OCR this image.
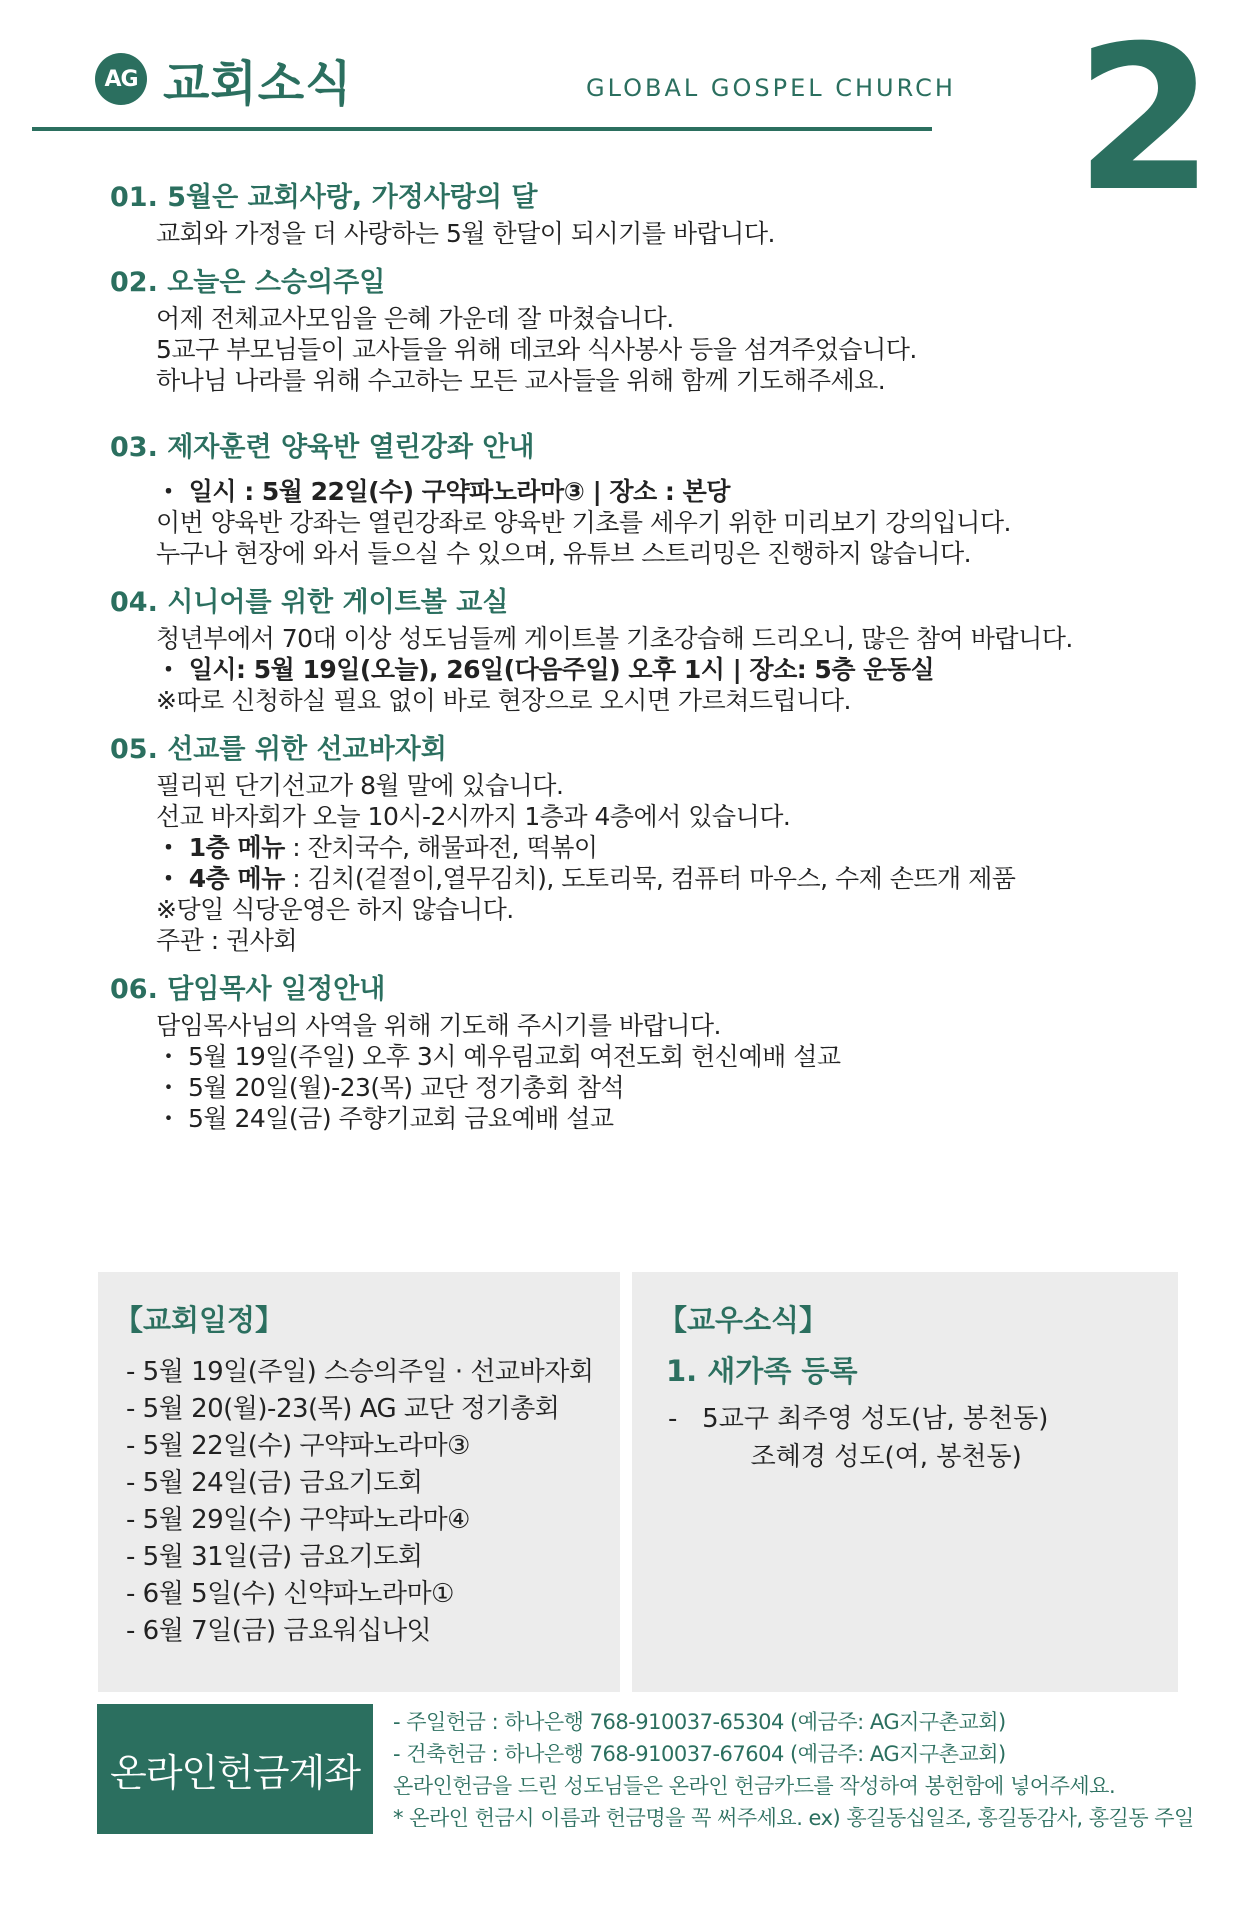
AG 교회소식	GLOBAL GOSPEL CHURCH 2
01. 5월은 교회사랑, 가정사랑의 달
교회와 가정을 더 사랑하는 5월 한달이 되시기를 바랍니다.
02. 오늘은 스승의주일
어제 전체교사모임을 은혜 가운데 잘 마쳤습니다.
5교구 부모님들이 교사들을 위해 데코와 식사봉사 등을 섬겨주었습니다.
하나님 나라를 위해 수고하는 모든 교사들을 위해 함께 기도해주세요.
03. 제자훈련 양육반 열린강좌 안내
・ 일시 : 5월 22일(수) 구약파노라마③ | 장소 : 본당
이번 양육반 강좌는 열린강좌로 양육반 기초를 세우기 위한 미리보기 강의입니다.
누구나 현장에 와서 들으실 수 있으며, 유튜브 스트리밍은 진행하지 않습니다.
04. 시니어를 위한 게이트볼 교실
청년부에서 70대 이상 성도님들께 게이트볼 기초강습해 드리오니, 많은 참여 바랍니다.
・ 일시: 5월 19일(오늘), 26일(다음주일) 오후 1시 | 장소: 5층 운동실
※따로 신청하실 필요 없이 바로 현장으로 오시면 가르쳐드립니다.
05. 선교를 위한 선교바자회
필리핀 단기선교가 8월 말에 있습니다.
선교 바자회가 오늘 10시-2시까지 1층과 4층에서 있습니다.
・ 1층 메뉴 : 잔치국수, 해물파전, 떡볶이
・ 4층 메뉴 : 김치(겉절이,열무김치), 도토리묵, 컴퓨터 마우스, 수제 손뜨개 제품
※당일 식당운영은 하지 않습니다.
주관 : 권사회
06. 담임목사 일정안내
담임목사님의 사역을 위해 기도해 주시기를 바랍니다.
・ 5월 19일(주일) 오후 3시 예우림교회 여전도회 헌신예배 설교
・ 5월 20일(월)-23(목) 교단 정기총회 참석
・ 5월 24일(금) 주향기교회 금요예배 설교
【교회일정】
- 5월 19일(주일) 스승의주일 · 선교바자회
- 5월 20(월)-23(목) AG 교단 정기총회
- 5월 22일(수) 구약파노라마③
- 5월 24일(금) 금요기도회
- 5월 29일(수) 구약파노라마④
- 5월 31일(금) 금요기도회
- 6월 5일(수) 신약파노라마①
- 6월 7일(금) 금요워십나잇
【교우소식】
1. 새가족 등록
-   5교구 최주영 성도(남, 봉천동)
조혜경 성도(여, 봉천동)
온라인헌금계좌
- 주일헌금 : 하나은행 768-910037-65304 (예금주: AG지구촌교회)
- 건축헌금 : 하나은행 768-910037-67604 (예금주: AG지구촌교회)
온라인헌금을 드린 성도님들은 온라인 헌금카드를 작성하여 봉헌함에 넣어주세요.
* 온라인 헌금시 이름과 헌금명을 꼭 써주세요. ex) 홍길동십일조, 홍길동감사, 홍길동 주일
